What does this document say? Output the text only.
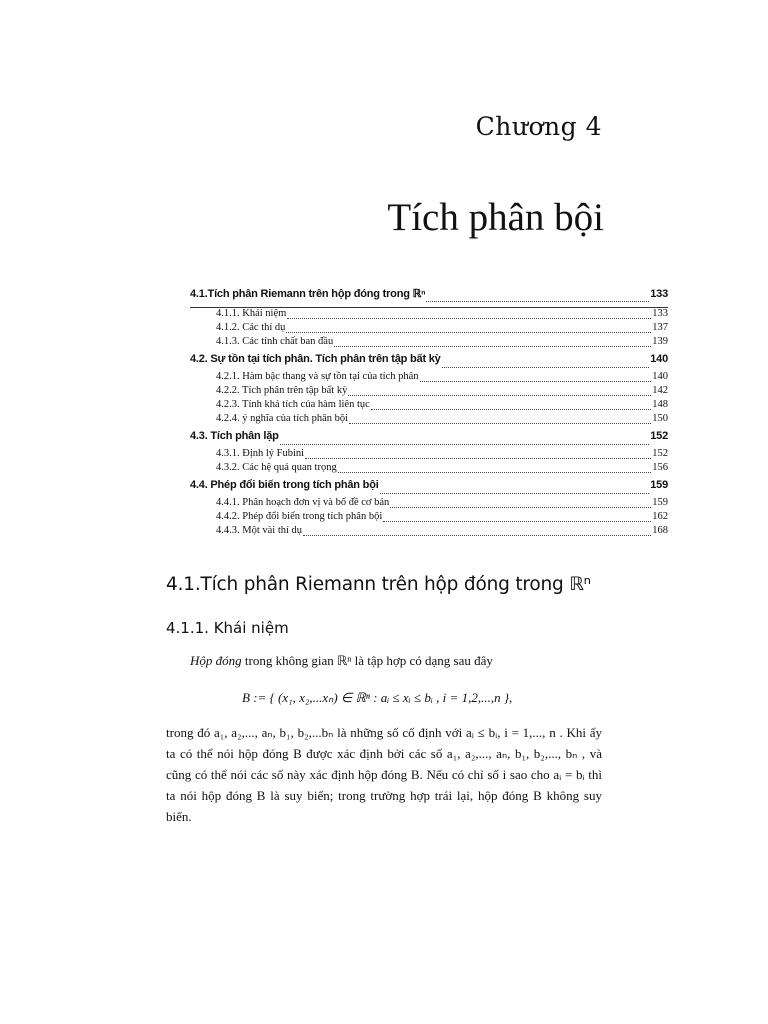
Chương 4
Tích phân bội
4.1.Tích phân Riemann trên hộp đóng trong ℝⁿ	133
4.1.1. Khái niệm	133
4.1.2. Các thí dụ	137
4.1.3. Các tính chất ban đầu	139
4.2. Sự tồn tại tích phân. Tích phân trên tập bất kỳ	140
4.2.1. Hàm bậc thang và sự tồn tại của tích phân	140
4.2.2. Tích phân trên tập bất kỳ	142
4.2.3. Tính khả tích của hàm liên tục	148
4.2.4. ý nghĩa của tích phân bội	150
4.3. Tích phân lặp	152
4.3.1. Định lý Fubini	152
4.3.2. Các hệ quả quan trọng	156
4.4. Phép đổi biến trong tích phân bội	159
4.4.1. Phân hoạch đơn vị và bổ đề cơ bản	159
4.4.2. Phép đổi biến trong tích phân bội	162
4.4.3. Một vài thí dụ	168
4.1.Tích phân Riemann trên hộp đóng trong ℝⁿ
4.1.1. Khái niệm
Hộp đóng trong không gian ℝⁿ là tập hợp có dạng sau đây
B := { (x₁, x₂,...xₙ) ∈ ℝⁿ : aᵢ ≤ xᵢ ≤ bᵢ , i = 1,2,...,n },
trong đó a₁, a₂,..., aₙ, b₁, b₂,...bₙ là những số cố định với aᵢ ≤ bᵢ, i = 1,..., n . Khi ấy ta có thể nói hộp đóng B được xác định bởi các số a₁, a₂,..., aₙ, b₁, b₂,..., bₙ , và cũng có thể nói các số này xác định hộp đóng B. Nếu có chỉ số i sao cho aᵢ = bᵢ thì ta nói hộp đóng B là suy biến; trong trường hợp trái lại, hộp đóng B không suy biến.
